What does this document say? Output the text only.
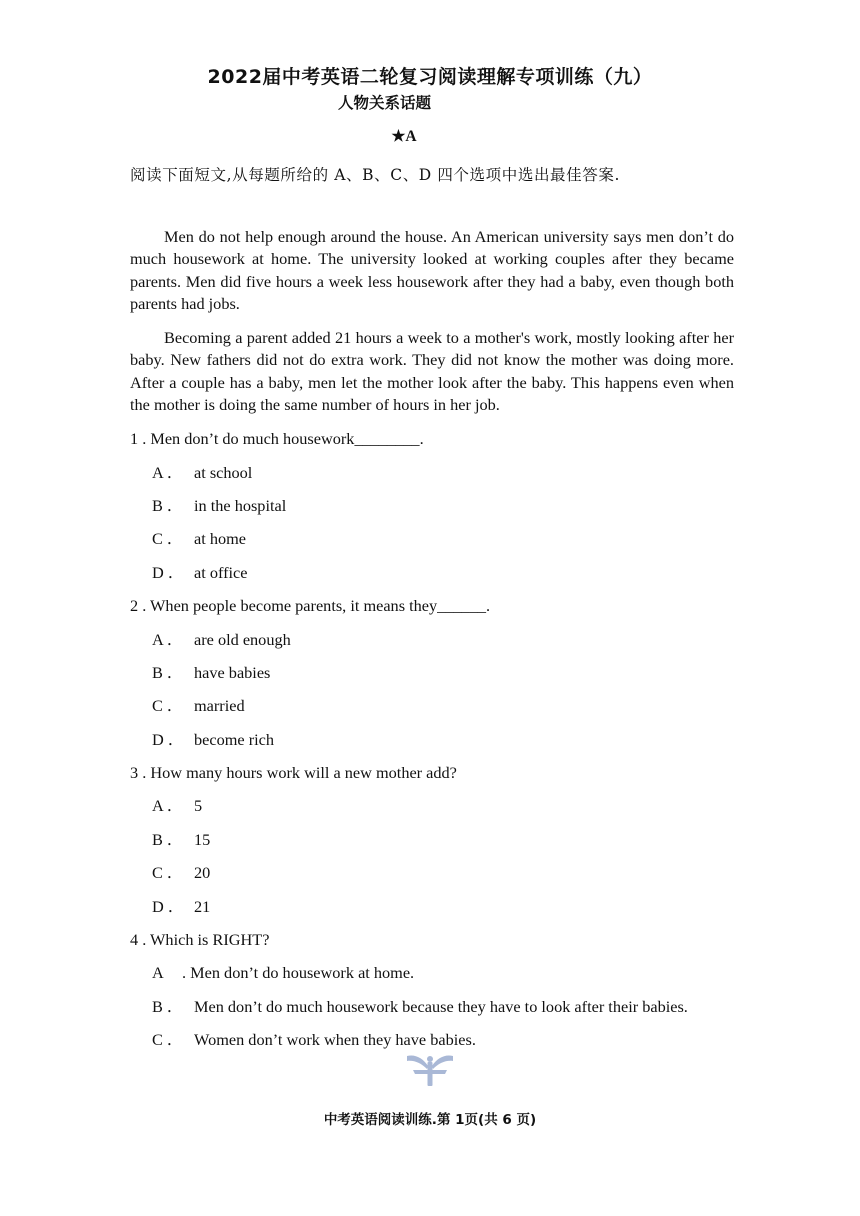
2022届中考英语二轮复习阅读理解专项训练（九）
人物关系话题
★A
阅读下面短文,从每题所给的 A、B、C、D 四个选项中选出最佳答案.
Men do not help enough around the house. An American university says men don’t do much housework at home. The university looked at working couples after they became parents. Men did five hours a week less housework after they had a baby, even though both parents had jobs.
Becoming a parent added 21 hours a week to a mother's work, mostly looking after her baby. New fathers did not do extra work. They did not know the mother was doing more. After a couple has a baby, men let the mother look after the baby. This happens even when the mother is doing the same number of hours in her job.
1 . Men don’t do much housework________.
A ． at school
B ． in the hospital
C ． at home
D ． at office
2 . When people become parents, it means they______.
A ． are old enough
B ． have babies
C ． married
D ． become rich
3 . How many hours work will a new mother add?
A ． 5
B ． 15
C ． 20
D ． 21
4 . Which is RIGHT?
A . Men don’t do housework at home.
B ． Men don’t do much housework because they have to look after their babies.
C ． Women don’t work when they have babies.
中考英语阅读训练.第 1页(共 6 页)
